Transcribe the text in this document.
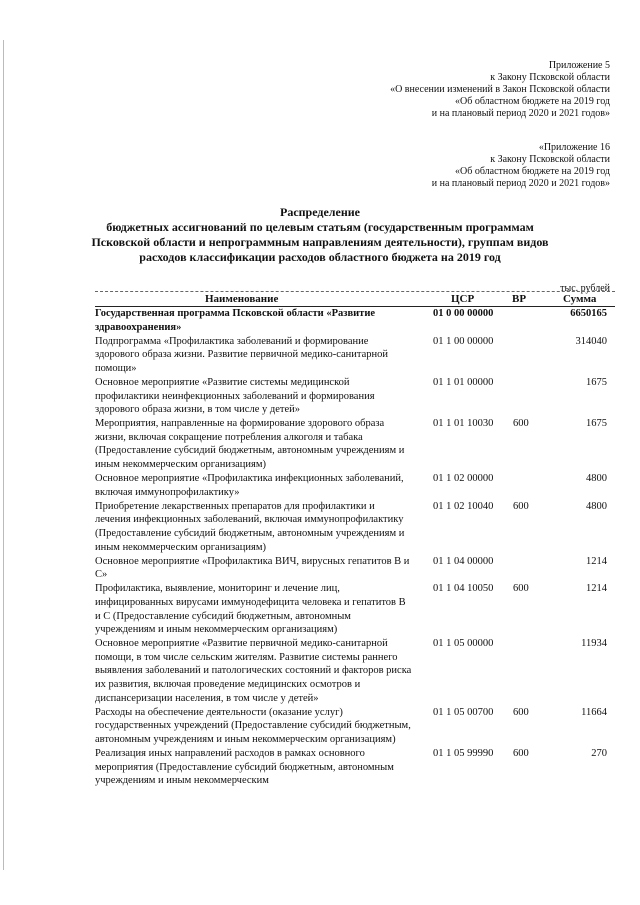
Приложение 5
к Закону Псковской области
«О внесении изменений в Закон Псковской области
«Об областном бюджете на 2019 год
и на плановый период 2020 и 2021 годов»
«Приложение 16
к Закону Псковской области
«Об областном бюджете на 2019 год
и на плановый период 2020 и 2021 годов»
Распределение
бюджетных ассигнований по целевым статьям (государственным программам
Псковской области и непрограммным направлениям деятельности), группам видов
расходов классификации расходов областного бюджета на 2019 год
тыс. рублей
Наименование	ЦСР	ВР	Сумма
Государственная программа Псковской области «Развитие здравоохранения»
01 0 00 00000	6650165
Подпрограмма «Профилактика заболеваний и формирование здорового образа жизни. Развитие первичной медико-санитарной помощи»
01 1 00 00000	314040
Основное мероприятие «Развитие системы медицинской профилактики неинфекционных заболеваний и формирования здорового образа жизни, в том числе у детей»
01 1 01 00000	1675
Мероприятия, направленные на формирование здорового образа жизни, включая сокращение потребления алкоголя и табака (Предоставление субсидий бюджетным, автономным учреждениям и иным некоммерческим организациям)
01 1 01 10030 600	1675
Основное мероприятие «Профилактика инфекционных заболеваний, включая иммунопрофилактику»
01 1 02 00000	4800
Приобретение лекарственных препаратов для профилактики и лечения инфекционных заболеваний, включая иммунопрофилактику (Предоставление субсидий бюджетным, автономным учреждениям и иным некоммерческим организациям)
01 1 02 10040 600	4800
Основное мероприятие «Профилактика ВИЧ, вирусных гепатитов В и С»
01 1 04 00000	1214
Профилактика, выявление, мониторинг и лечение лиц, инфицированных вирусами иммунодефицита человека и гепатитов В и С (Предоставление субсидий бюджетным, автономным учреждениям и иным некоммерческим организациям)
01 1 04 10050 600	1214
Основное мероприятие «Развитие первичной медико-санитарной помощи, в том числе сельским жителям. Развитие системы раннего выявления заболеваний и патологических состояний и факторов риска их развития, включая проведение медицинских осмотров и диспансеризации населения, в том числе у детей»
01 1 05 00000	11934
Расходы на обеспечение деятельности (оказание услуг) государственных учреждений (Предоставление субсидий бюджетным, автономным учреждениям и иным некоммерческим организациям)
01 1 05 00700 600	11664
Реализация иных направлений расходов в рамках основного мероприятия (Предоставление субсидий бюджетным, автономным учреждениям и иным некоммерческим
01 1 05 99990 600	270
